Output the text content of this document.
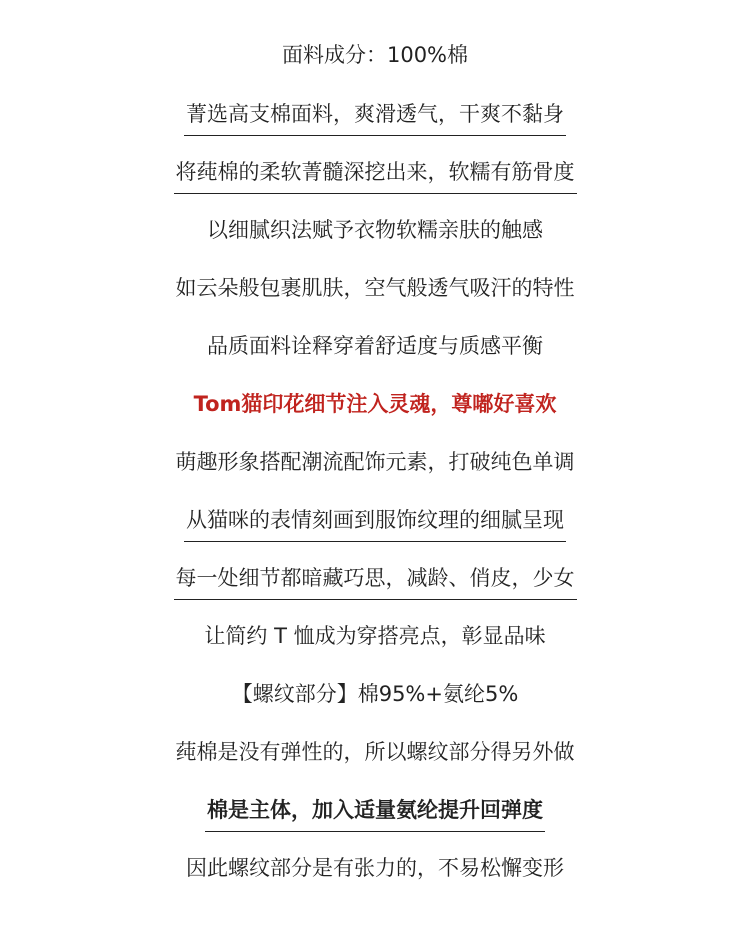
面料成分：100%棉
菁选高支棉面料，爽滑透气，干爽不黏身
将莼棉的柔软菁髓深挖出来，软糯有筋骨度
以细腻织法赋予衣物软糯亲肤的触感
如云朵般包裹肌肤，空气般透气吸汗的特性
品质面料诠释穿着舒适度与质感平衡
Tom猫印花细节注入灵魂，尊嘟好喜欢
萌趣形象搭配潮流配饰元素，打破纯色单调
从猫咪的表情刻画到服饰纹理的细腻呈现
每一处细节都暗藏巧思，减龄、俏皮，少女
让简约 T 恤成为穿搭亮点，彰显品味
【螺纹部分】棉95%+氨纶5%
莼棉是没有弹性的，所以螺纹部分得另外做
棉是主体，加入适量氨纶提升回弹度
因此螺纹部分是有张力的，不易松懈变形
